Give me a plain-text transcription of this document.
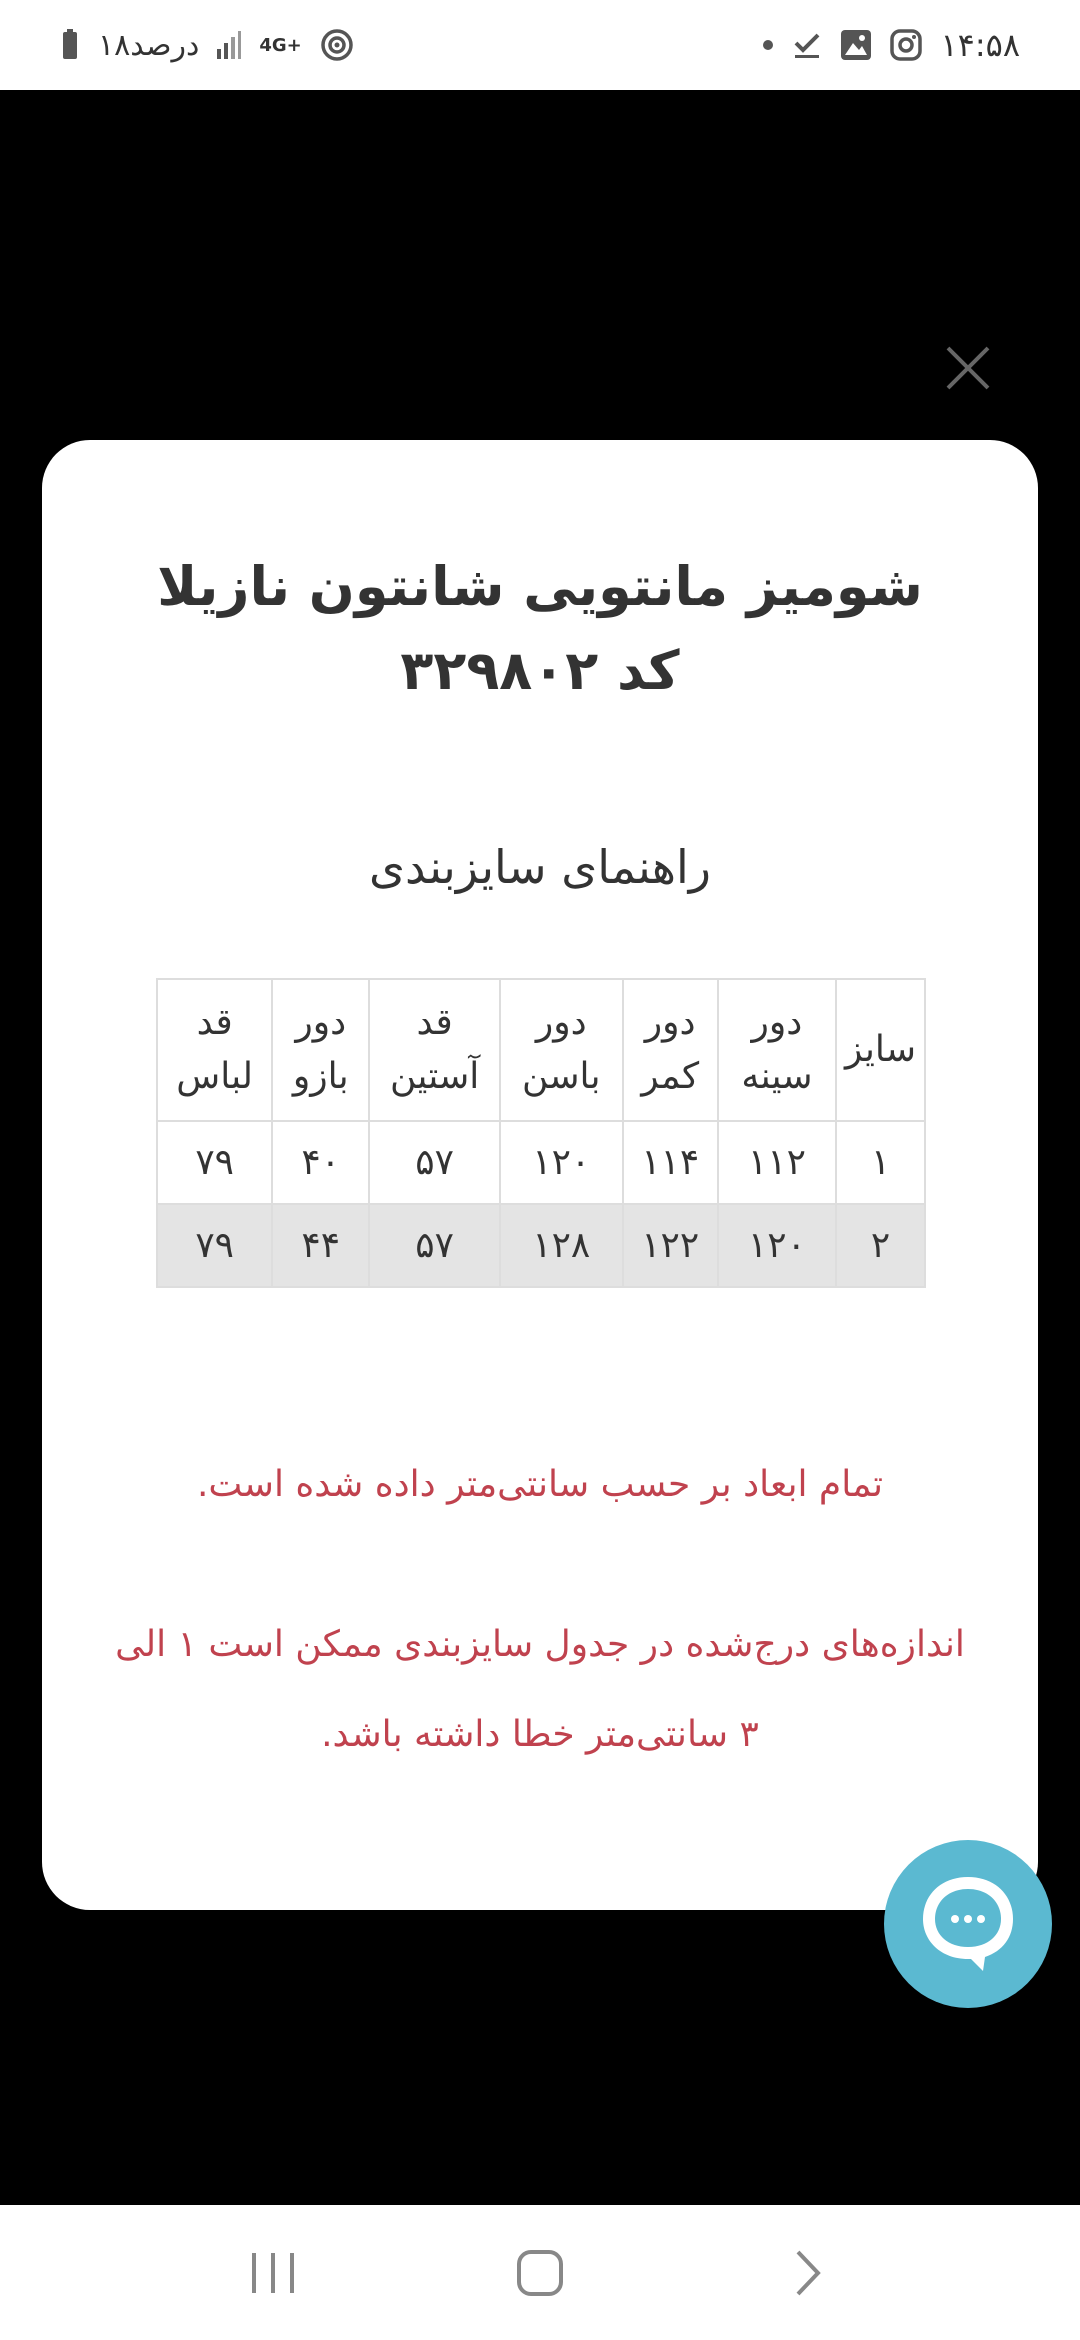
۱۸درصد	4G+	۱۴:۵۸
شومیز مانتویی شانتون نازیلا کد ۳۲۹۸۰۲
راهنمای سایزبندی
سایز	دور سینه	دور کمر	دور باسن	قد آستین	دور بازو	قد لباس
۱	۱۱۲	۱۱۴	۱۲۰	۵۷	۴۰	۷۹
۲	۱۲۰	۱۲۲	۱۲۸	۵۷	۴۴	۷۹
تمام ابعاد بر حسب سانتی‌متر داده شده است.
اندازه‌های درج‌شده در جدول سایزبندی ممکن است ۱ الی ۳ سانتی‌متر خطا داشته باشد.
